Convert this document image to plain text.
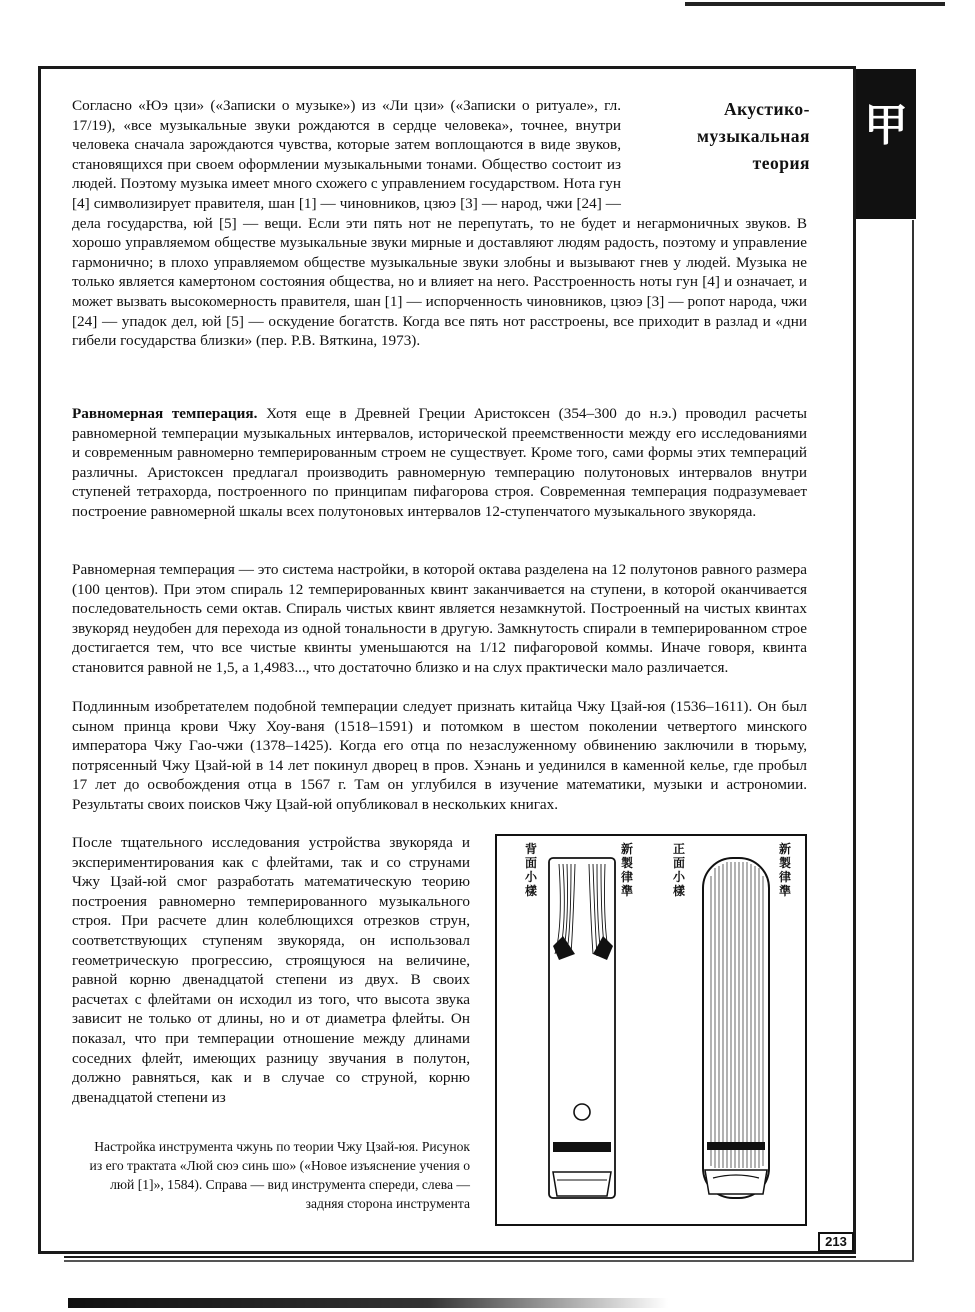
甲
Акустико-
музыкальная
теория
Согласно «Юэ цзи» («Записки о музыке») из «Ли цзи» («Записки о ритуале», гл. 17/19), «все музыкальные звуки рождаются в сердце человека», точнее, внутри человека сначала зарождаются чувства, которые затем воплощаются в виде звуков, становящихся при своем оформлении музыкальными тонами. Общество состоит из людей. Поэтому музыка имеет много схожего с управлением государством. Нота гун [4] символизирует правителя, шан [1] — чиновников, цзюэ [3] — народ, чжи [24] — дела государства, юй [5] — вещи. Если эти пять нот не перепутать, то не будет и негармоничных звуков. В хорошо управляемом обществе музыкальные звуки мирные и доставляют людям радость, поэтому и управление гармонично; в плохо управляемом обществе музыкальные звуки злобны и вызывают гнев у людей. Музыка не только является камертоном состояния общества, но и влияет на него. Расстроенность ноты гун [4] и означает, и может вызвать высокомерность правителя, шан [1] — испорченность чиновников, цзюэ [3] — ропот народа, чжи [24] — упадок дел, юй [5] — оскудение богатств. Когда все пять нот расстроены, все приходит в разлад и «дни гибели государства близки» (пер. Р.В. Вяткина, 1973).
Равномерная темперация. Хотя еще в Древней Греции Аристоксен (354–300 до н.э.) проводил расчеты равномерной темперации музыкальных интервалов, исторической преемственности между его исследованиями и современным равномерно темперированным строем не существует. Кроме того, сами формы этих темпераций различны. Аристоксен предлагал производить равномерную темперацию полутоновых интервалов внутри ступеней тетрахорда, построенного по принципам пифагорова строя. Современная темперация подразумевает построение равномерной шкалы всех полутоновых интервалов 12-ступенчатого музыкального звукоряда.
Равномерная темперация — это система настройки, в которой октава разделена на 12 полутонов равного размера (100 центов). При этом спираль 12 темперированных квинт заканчивается на ступени, в которой оканчивается последовательность семи октав. Спираль чистых квинт является незамкнутой. Построенный на чистых квинтах звукоряд неудобен для перехода из одной тональности в другую. Замкнутость спирали в темперированном строе достигается тем, что все чистые квинты уменьшаются на 1/12 пифагоровой коммы. Иначе говоря, квинта становится равной не 1,5, а 1,4983..., что достаточно близко и на слух практически мало различается.
Подлинным изобретателем подобной темперации следует признать китайца Чжу Цзай-юя (1536–1611). Он был сыном принца крови Чжу Хоу-ваня (1518–1591) и потомком в шестом поколении четвертого минского императора Чжу Гао-чжи (1378–1425). Когда его отца по незаслуженному обвинению заключили в тюрьму, потрясенный Чжу Цзай-юй в 14 лет покинул дворец в пров. Хэнань и уединился в каменной келье, где пробыл 17 лет до освобождения отца в 1567 г. Там он углубился в изучение математики, музыки и астрономии. Результаты своих поисков Чжу Цзай-юй опубликовал в нескольких книгах.
После тщательного исследования устройства звукоряда и экспериментирования как с флейтами, так и со струнами Чжу Цзай-юй смог разработать математическую теорию построения равномерно темперированного музыкального строя. При расчете длин колеблющихся отрезков струн, соответствующих ступеням звукоряда, он использовал геометрическую прогрессию, строящуюся на величине, равной корню двенадцатой степени из двух. В своих расчетах с флейтами он исходил из того, что высота звука зависит не только от длины, но и от диаметра флейты. Он показал, что при темперации отношение между длинами соседних флейт, имеющих разницу звучания в полутон, должно равняться, как и в случае со струной, корню двенадцатой степени из
背面小樣
新製律準
正面小樣
新製律準
Настройка инструмента чжунь по теории Чжу Цзай-юя. Рисунок из его трактата «Люй сюэ синь шо» («Новое изъяснение учения о люй [1]», 1584). Справа — вид инструмента спереди, слева — задняя сторона инструмента
213
